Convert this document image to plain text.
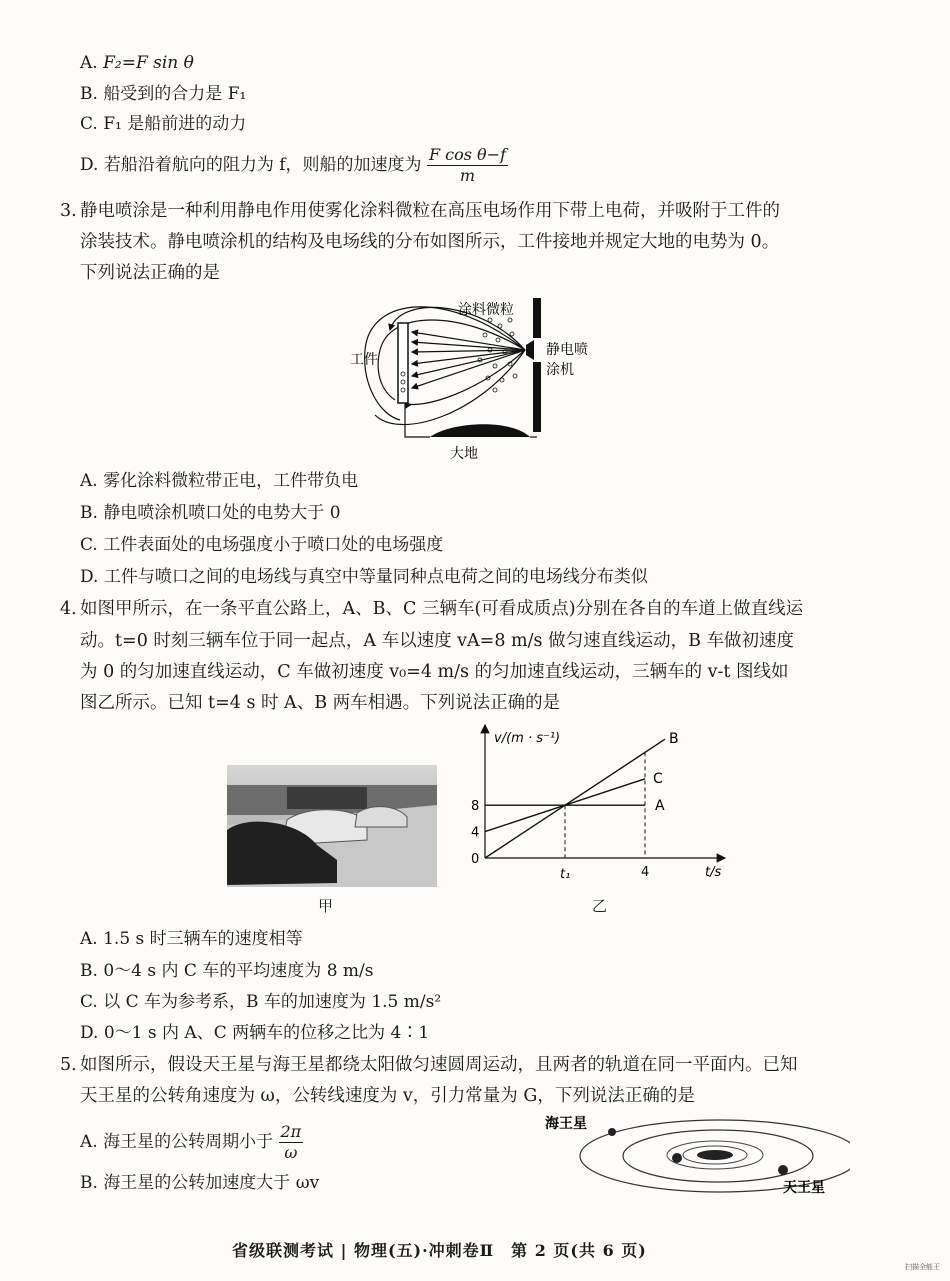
A. F₂=F sin θ
B. 船受到的合力是 F₁
C. F₁ 是船前进的动力
D. 若船沿着航向的阻力为 f，则船的加速度为 $\frac{\text{F cos θ−f}}{m}$
3. 静电喷涂是一种利用静电作用使雾化涂料微粒在高压电场作用下带上电荷，并吸附于工件的
涂装技术。静电喷涂机的结构及电场线的分布如图所示，工件接地并规定大地的电势为 0。
下列说法正确的是
涂料微粒
工件
静电喷
涂机
大地
A. 雾化涂料微粒带正电，工件带负电
B. 静电喷涂机喷口处的电势大于 0
C. 工件表面处的电场强度小于喷口处的电场强度
D. 工件与喷口之间的电场线与真空中等量同种点电荷之间的电场线分布类似
4. 如图甲所示，在一条平直公路上，A、B、C 三辆车(可看成质点)分别在各自的车道上做直线运
动。t=0 时刻三辆车位于同一起点，A 车以速度 vA=8 m/s 做匀速直线运动，B 车做初速度
为 0 的匀加速直线运动，C 车做初速度 v₀=4 m/s 的匀加速直线运动，三辆车的 v-t 图线如
图乙所示。已知 t=4 s 时 A、B 两车相遇。下列说法正确的是
甲
v/(m · s⁻¹)
t/s
0
4
8
t₁	4
B
C
A
乙
A. 1.5 s 时三辆车的速度相等
B. 0～4 s 内 C 车的平均速度为 8 m/s
C. 以 C 车为参考系，B 车的加速度为 1.5 m/s²
D. 0～1 s 内 A、C 两辆车的位移之比为 4∶1
5. 如图所示，假设天王星与海王星都绕太阳做匀速圆周运动，且两者的轨道在同一平面内。已知
天王星的公转角速度为 ω，公转线速度为 v，引力常量为 G，下列说法正确的是
A. 海王星的公转周期小于 $\frac{2\pi}{\omega}$
B. 海王星的公转加速度大于 ωv
海王星
天王星
省级联测考试 | 物理(五)·冲刺卷Ⅱ　第 2 页(共 6 页)
扫描全能王
